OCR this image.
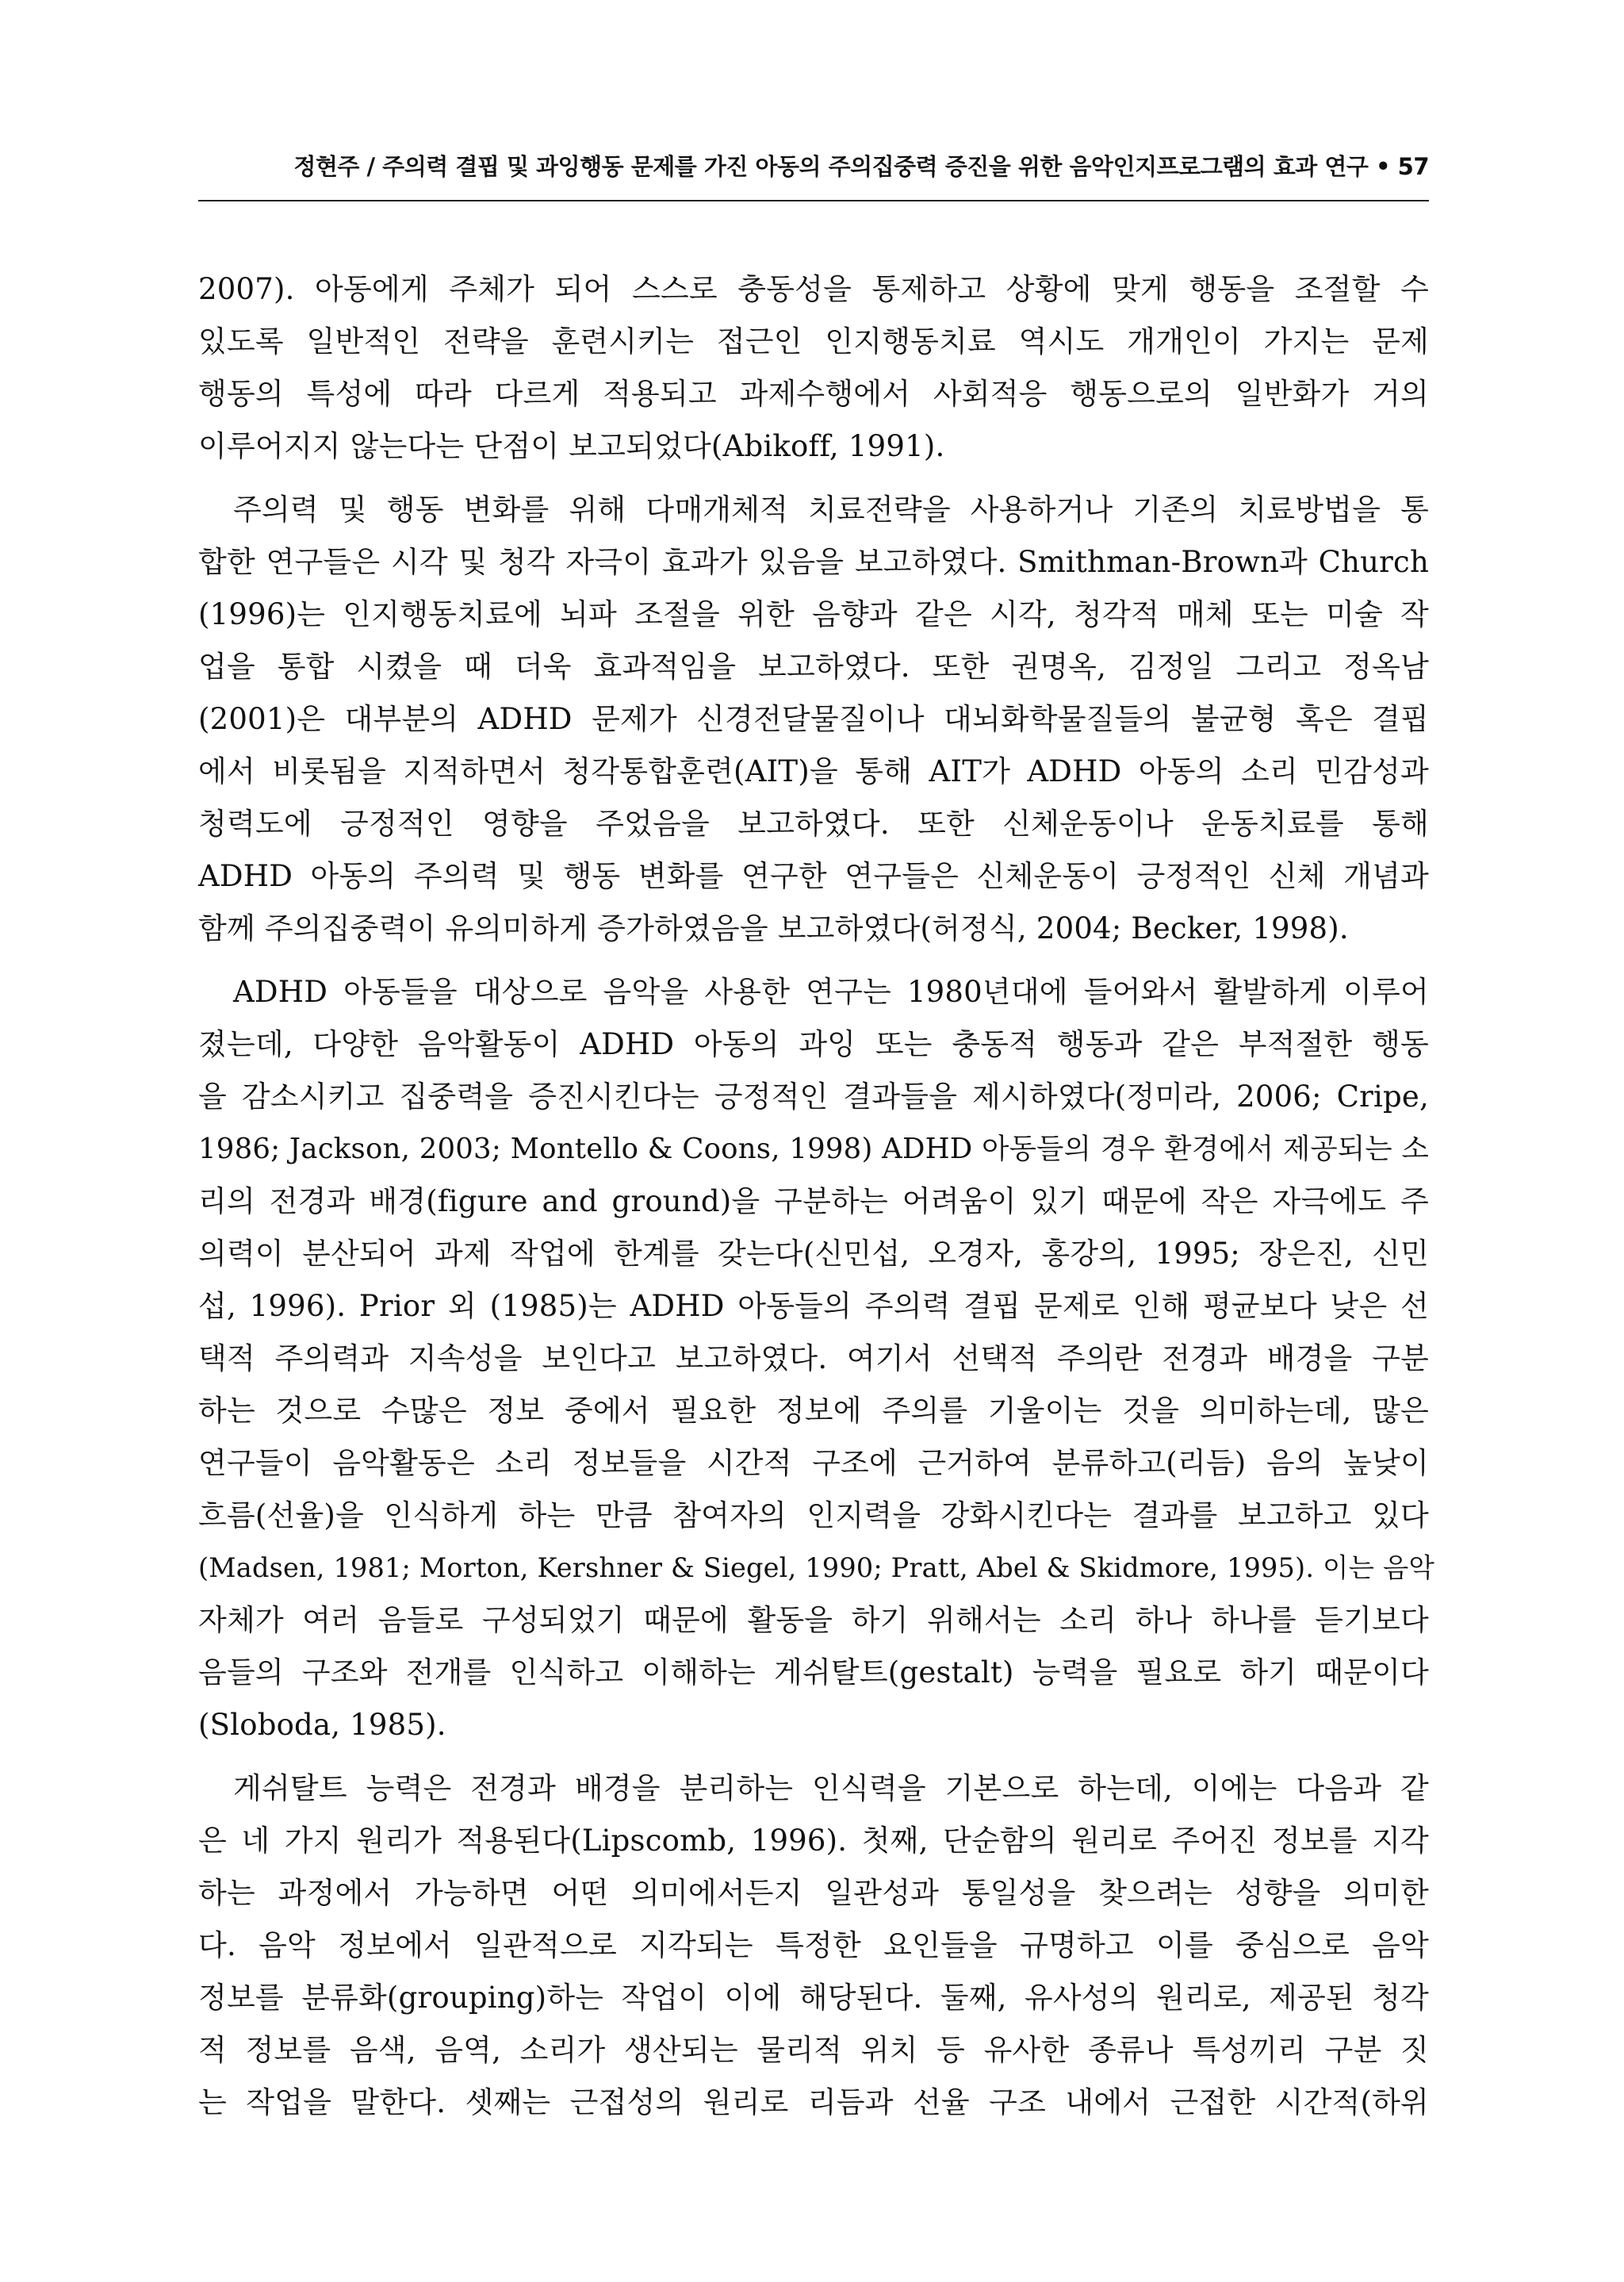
정현주 / 주의력 결핍 및 과잉행동 문제를 가진 아동의 주의집중력 증진을 위한 음악인지프로그램의 효과 연구 • 57
2007). 아동에게 주체가 되어 스스로 충동성을 통제하고 상황에 맞게 행동을 조절할 수
있도록 일반적인 전략을 훈련시키는 접근인 인지행동치료 역시도 개개인이 가지는 문제
행동의 특성에 따라 다르게 적용되고 과제수행에서 사회적응 행동으로의 일반화가 거의
이루어지지 않는다는 단점이 보고되었다(Abikoff, 1991).
주의력 및 행동 변화를 위해 다매개체적 치료전략을 사용하거나 기존의 치료방법을 통
합한 연구들은 시각 및 청각 자극이 효과가 있음을 보고하였다. Smithman-Brown과 Church
(1996)는 인지행동치료에 뇌파 조절을 위한 음향과 같은 시각, 청각적 매체 또는 미술 작
업을 통합 시켰을 때 더욱 효과적임을 보고하였다. 또한 권명옥, 김정일 그리고 정옥남
(2001)은 대부분의 ADHD 문제가 신경전달물질이나 대뇌화학물질들의 불균형 혹은 결핍
에서 비롯됨을 지적하면서 청각통합훈련(AIT)을 통해 AIT가 ADHD 아동의 소리 민감성과
청력도에 긍정적인 영향을 주었음을 보고하였다. 또한 신체운동이나 운동치료를 통해
ADHD 아동의 주의력 및 행동 변화를 연구한 연구들은 신체운동이 긍정적인 신체 개념과
함께 주의집중력이 유의미하게 증가하였음을 보고하였다(허정식, 2004; Becker, 1998).
ADHD 아동들을 대상으로 음악을 사용한 연구는 1980년대에 들어와서 활발하게 이루어
졌는데, 다양한 음악활동이 ADHD 아동의 과잉 또는 충동적 행동과 같은 부적절한 행동
을 감소시키고 집중력을 증진시킨다는 긍정적인 결과들을 제시하였다(정미라, 2006; Cripe,
1986; Jackson, 2003; Montello & Coons, 1998) ADHD 아동들의 경우 환경에서 제공되는 소
리의 전경과 배경(figure and ground)을 구분하는 어려움이 있기 때문에 작은 자극에도 주
의력이 분산되어 과제 작업에 한계를 갖는다(신민섭, 오경자, 홍강의, 1995; 장은진, 신민
섭, 1996). Prior 외 (1985)는 ADHD 아동들의 주의력 결핍 문제로 인해 평균보다 낮은 선
택적 주의력과 지속성을 보인다고 보고하였다. 여기서 선택적 주의란 전경과 배경을 구분
하는 것으로 수많은 정보 중에서 필요한 정보에 주의를 기울이는 것을 의미하는데, 많은
연구들이 음악활동은 소리 정보들을 시간적 구조에 근거하여 분류하고(리듬) 음의 높낮이
흐름(선율)을 인식하게 하는 만큼 참여자의 인지력을 강화시킨다는 결과를 보고하고 있다
(Madsen, 1981; Morton, Kershner & Siegel, 1990; Pratt, Abel & Skidmore, 1995). 이는 음악
자체가 여러 음들로 구성되었기 때문에 활동을 하기 위해서는 소리 하나 하나를 듣기보다
음들의 구조와 전개를 인식하고 이해하는 게쉬탈트(gestalt) 능력을 필요로 하기 때문이다
(Sloboda, 1985).
게쉬탈트 능력은 전경과 배경을 분리하는 인식력을 기본으로 하는데, 이에는 다음과 같
은 네 가지 원리가 적용된다(Lipscomb, 1996). 첫째, 단순함의 원리로 주어진 정보를 지각
하는 과정에서 가능하면 어떤 의미에서든지 일관성과 통일성을 찾으려는 성향을 의미한
다. 음악 정보에서 일관적으로 지각되는 특정한 요인들을 규명하고 이를 중심으로 음악
정보를 분류화(grouping)하는 작업이 이에 해당된다. 둘째, 유사성의 원리로, 제공된 청각
적 정보를 음색, 음역, 소리가 생산되는 물리적 위치 등 유사한 종류나 특성끼리 구분 짓
는 작업을 말한다. 셋째는 근접성의 원리로 리듬과 선율 구조 내에서 근접한 시간적(하위
